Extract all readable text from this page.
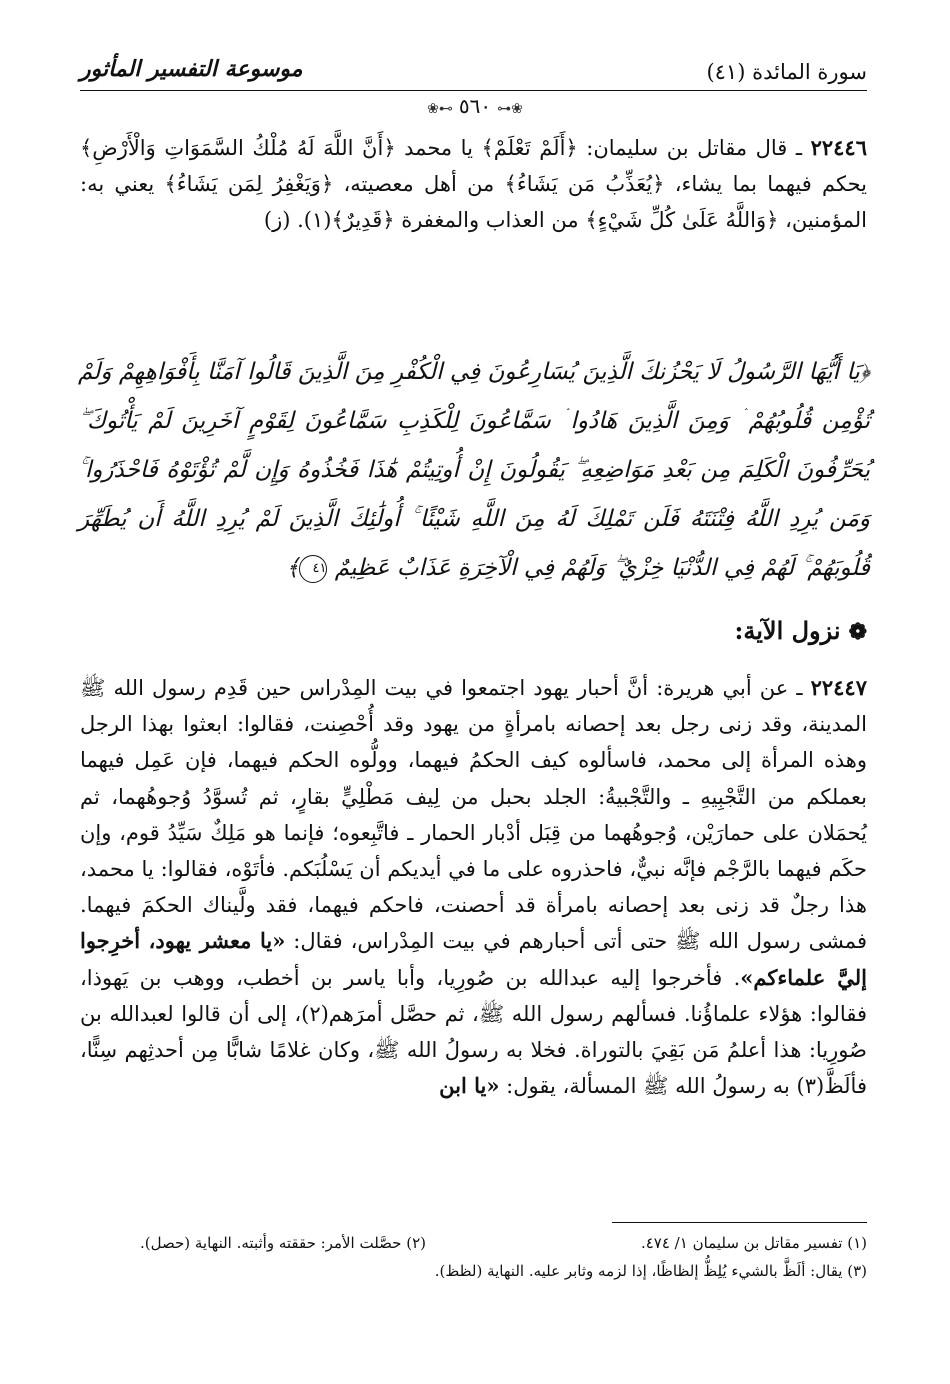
موسوعة التفسير المأثور	سورة المائدة (٤١)
❀⊷ ٥٦٠ ⊶❀
٢٢٤٤٦ ـ قال مقاتل بن سليمان: ﴿أَلَمْ تَعْلَمْ﴾ يا محمد ﴿أَنَّ اللَّهَ لَهُ مُلْكُ السَّمَوَاتِ وَالْأَرْضِ﴾ يحكم فيهما بما يشاء، ﴿يُعَذِّبُ مَن يَشَاءُ﴾ من أهل معصيته، ﴿وَيَغْفِرُ لِمَن يَشَاءُ﴾ يعني به: المؤمنين، ﴿وَاللَّهُ عَلَىٰ كُلِّ شَيْءٍ﴾ من العذاب والمغفرة ﴿قَدِيرٌ﴾(١). (ز)
﴿يَا أَيُّهَا الرَّسُولُ لَا يَحْزُنكَ الَّذِينَ يُسَارِعُونَ فِي الْكُفْرِ مِنَ الَّذِينَ قَالُوا آمَنَّا بِأَفْوَاهِهِمْ وَلَمْ تُؤْمِن قُلُوبُهُمْ ۛ وَمِنَ الَّذِينَ هَادُوا ۛ سَمَّاعُونَ لِلْكَذِبِ سَمَّاعُونَ لِقَوْمٍ آخَرِينَ لَمْ يَأْتُوكَ ۖ يُحَرِّفُونَ الْكَلِمَ مِن بَعْدِ مَوَاضِعِهِ ۖ يَقُولُونَ إِنْ أُوتِيتُمْ هَٰذَا فَخُذُوهُ وَإِن لَّمْ تُؤْتَوْهُ فَاحْذَرُوا ۚ وَمَن يُرِدِ اللَّهُ فِتْنَتَهُ فَلَن تَمْلِكَ لَهُ مِنَ اللَّهِ شَيْئًا ۚ أُولَٰئِكَ الَّذِينَ لَمْ يُرِدِ اللَّهُ أَن يُطَهِّرَ قُلُوبَهُمْ ۚ لَهُمْ فِي الدُّنْيَا خِزْيٌ ۖ وَلَهُمْ فِي الْآخِرَةِ عَذَابٌ عَظِيمٌ ٤١﴾
❁نزول الآية:
٢٢٤٤٧ ـ عن أبي هريرة: أنَّ أحبار يهود اجتمعوا في بيت المِدْراس حين قَدِم رسول الله ﷺ المدينة، وقد زنى رجل بعد إحصانه بامرأةٍ من يهود وقد أُحْصِنت، فقالوا: ابعثوا بهذا الرجل وهذه المرأة إلى محمد، فاسألوه كيف الحكمُ فيهما، وولُّوه الحكم فيهما، فإن عَمِل فيهما بعملكم من التَّجْبِيهِ ـ والتَّجْبيةُ: الجلد بحبل من لِيف مَطْلِيٍّ بقارٍ، ثم تُسوَّدُ وُجوهُهما، ثم يُحمَلان على حمارَيْن، وُجوهُهما من قِبَل أدْبار الحمار ـ فاتَّبِعوه؛ فإنما هو مَلِكٌ سَيِّدُ قوم، وإن حكَم فيهما بالرَّجْم فإنَّه نبيٌّ، فاحذروه على ما في أيديكم أن يَسْلُبَكم. فأتَوْه، فقالوا: يا محمد، هذا رجلٌ قد زنى بعد إحصانه بامرأة قد أحصنت، فاحكم فيهما، فقد ولَّيناك الحكمَ فيهما. فمشى رسول الله ﷺ حتى أتى أحبارهم في بيت المِدْراس، فقال: «يا معشر يهود، أخرِجوا إليَّ علماءكم». فأخرجوا إليه عبدالله بن صُورِيا، وأبا ياسر بن أخطب، ووهب بن يَهوذا، فقالوا: هؤلاء علماؤُنا. فسألهم رسول الله ﷺ، ثم حصَّل أمرَهم(٢)، إلى أن قالوا لعبدالله بن صُورِيا: هذا أعلمُ مَن بَقِيَ بالتوراة. فخلا به رسولُ الله ﷺ، وكان غلامًا شابًّا مِن أحدثِهم سِنًّا، فألَظَّ(٣) به رسولُ الله ﷺ المسألة، يقول: «يا ابن
(١) تفسير مقاتل بن سليمان ١/ ٤٧٤.
(٢) حصَّلت الأمر: حققته وأثبته. النهاية (حصل).
(٣) يقال: ألَظَّ بالشيء يُلِظُّ إلظاظًا، إذا لزمه وثابر عليه. النهاية (لظظ).
